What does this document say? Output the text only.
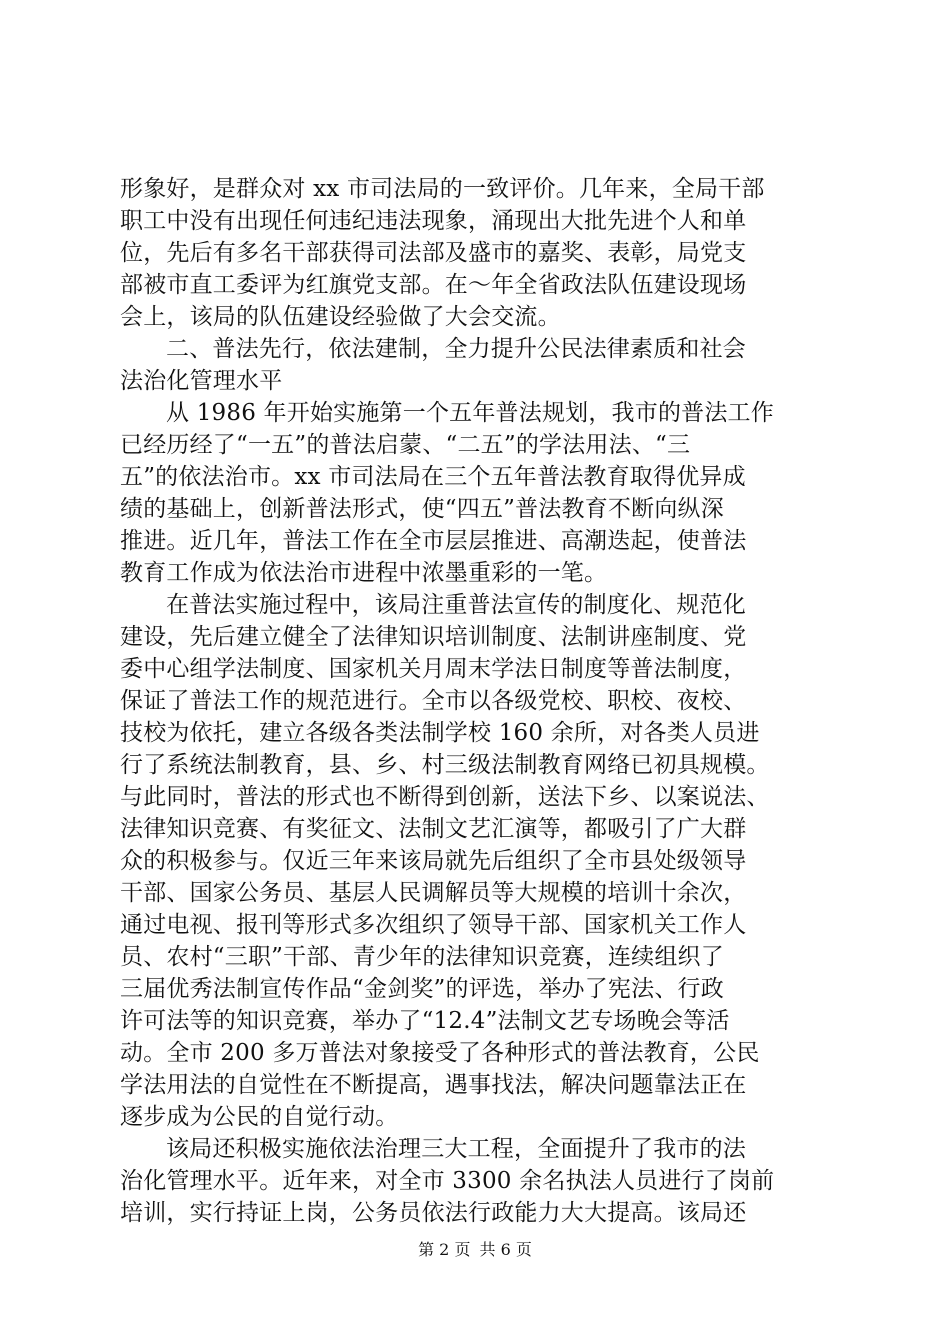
形象好，是群众对 xx 市司法局的一致评价。几年来，全局干部
职工中没有出现任何违纪违法现象，涌现出大批先进个人和单
位，先后有多名干部获得司法部及盛市的嘉奖、表彰，局党支
部被市直工委评为红旗党支部。在～年全省政法队伍建设现场
会上，该局的队伍建设经验做了大会交流。
二、普法先行，依法建制，全力提升公民法律素质和社会
法治化管理水平
从 1986 年开始实施第一个五年普法规划，我市的普法工作
已经历经了“一五”的普法启蒙、“二五”的学法用法、“三
五”的依法治市。xx 市司法局在三个五年普法教育取得优异成
绩的基础上，创新普法形式，使“四五”普法教育不断向纵深
推进。近几年，普法工作在全市层层推进、高潮迭起，使普法
教育工作成为依法治市进程中浓墨重彩的一笔。
在普法实施过程中，该局注重普法宣传的制度化、规范化
建设，先后建立健全了法律知识培训制度、法制讲座制度、党
委中心组学法制度、国家机关月周末学法日制度等普法制度，
保证了普法工作的规范进行。全市以各级党校、职校、夜校、
技校为依托，建立各级各类法制学校 160 余所，对各类人员进
行了系统法制教育，县、乡、村三级法制教育网络已初具规模。
与此同时，普法的形式也不断得到创新，送法下乡、以案说法、
法律知识竞赛、有奖征文、法制文艺汇演等，都吸引了广大群
众的积极参与。仅近三年来该局就先后组织了全市县处级领导
干部、国家公务员、基层人民调解员等大规模的培训十余次，
通过电视、报刊等形式多次组织了领导干部、国家机关工作人
员、农村“三职”干部、青少年的法律知识竞赛，连续组织了
三届优秀法制宣传作品“金剑奖”的评选，举办了宪法、行政
许可法等的知识竞赛，举办了“12.4”法制文艺专场晚会等活
动。全市 200 多万普法对象接受了各种形式的普法教育，公民
学法用法的自觉性在不断提高，遇事找法，解决问题靠法正在
逐步成为公民的自觉行动。
该局还积极实施依法治理三大工程，全面提升了我市的法
治化管理水平。近年来，对全市 3300 余名执法人员进行了岗前
培训，实行持证上岗，公务员依法行政能力大大提高。该局还
第 2 页 共 6 页
